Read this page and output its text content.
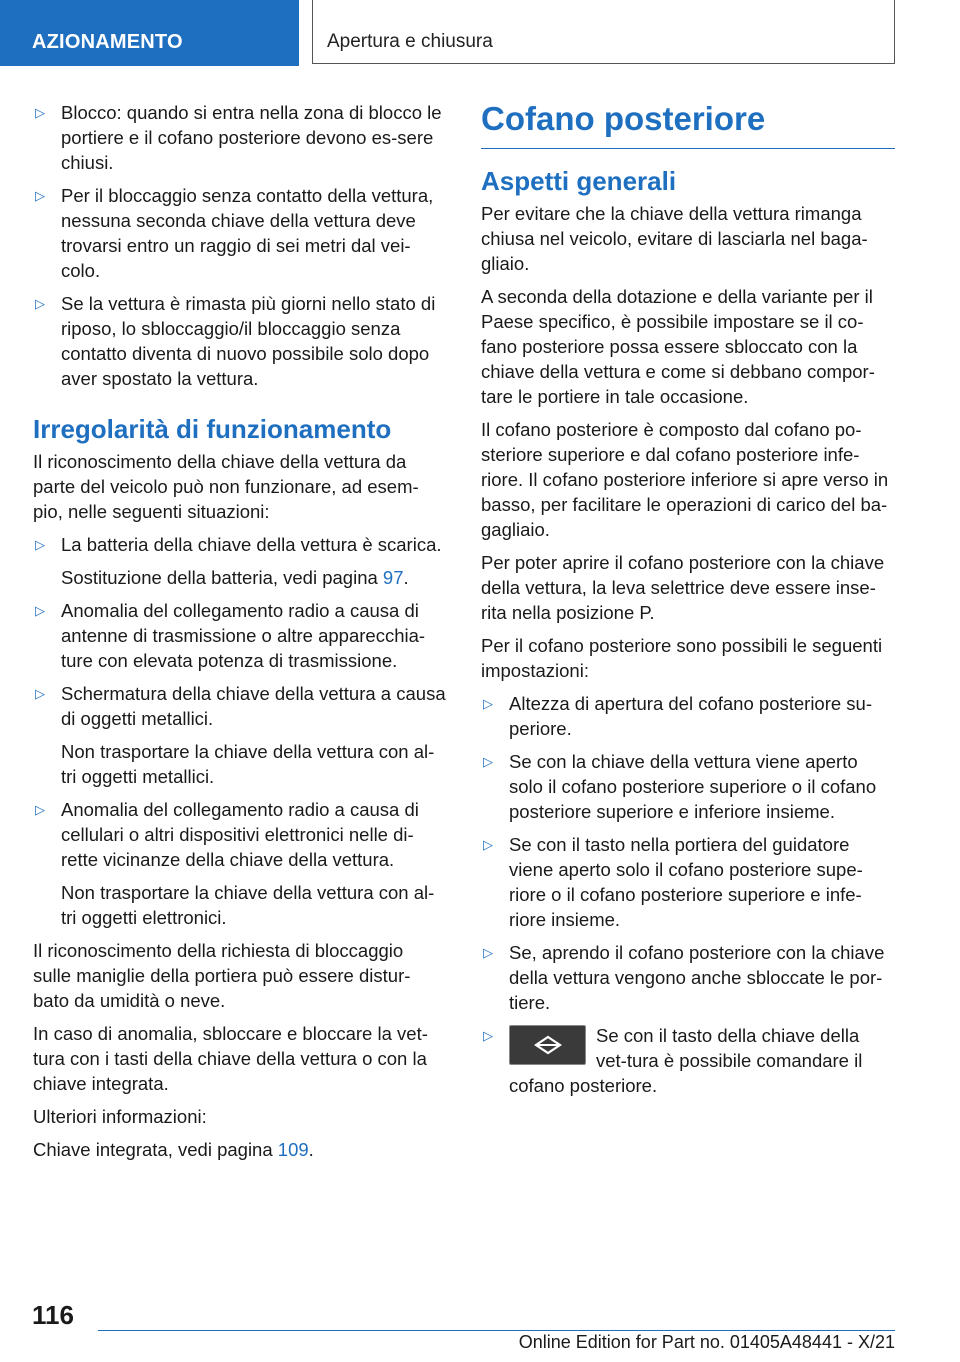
AZIONAMENTO	Apertura e chiusura
▷ Blocco: quando si entra nella zona di blocco le portiere e il cofano posteriore devono es-sere chiusi.
▷ Per il bloccaggio senza contatto della vettura, nessuna seconda chiave della vettura deve trovarsi entro un raggio di sei metri dal vei-colo.
▷ Se la vettura è rimasta più giorni nello stato di riposo, lo sbloccaggio/il bloccaggio senza contatto diventa di nuovo possibile solo dopo aver spostato la vettura.
Irregolarità di funzionamento

Il riconoscimento della chiave della vettura da parte del veicolo può non funzionare, ad esem-pio, nelle seguenti situazioni:

▷ La batteria della chiave della vettura è scarica.
Sostituzione della batteria, vedi pagina 97.
▷ Anomalia del collegamento radio a causa di antenne di trasmissione o altre apparecchia-ture con elevata potenza di trasmissione.
▷ Schermatura della chiave della vettura a causa di oggetti metallici.
Non trasportare la chiave della vettura con al-tri oggetti metallici.
▷ Anomalia del collegamento radio a causa di cellulari o altri dispositivi elettronici nelle di-rette vicinanze della chiave della vettura.
Non trasportare la chiave della vettura con al-tri oggetti elettronici.

Il riconoscimento della richiesta di bloccaggio sulle maniglie della portiera può essere distur-bato da umidità o neve.

In caso di anomalia, sbloccare e bloccare la vet-tura con i tasti della chiave della vettura o con la chiave integrata.

Ulteriori informazioni:

Chiave integrata, vedi pagina 109.

Cofano posteriore
Aspetti generali

Per evitare che la chiave della vettura rimanga chiusa nel veicolo, evitare di lasciarla nel baga-gliaio.

A seconda della dotazione e della variante per il Paese specifico, è possibile impostare se il co-fano posteriore possa essere sbloccato con la chiave della vettura e come si debbano compor-tare le portiere in tale occasione.

Il cofano posteriore è composto dal cofano po-steriore superiore e dal cofano posteriore infe-riore. Il cofano posteriore inferiore si apre verso in basso, per facilitare le operazioni di carico del ba-gagliaio.

Per poter aprire il cofano posteriore con la chiave della vettura, la leva selettrice deve essere inse-rita nella posizione P.

Per il cofano posteriore sono possibili le seguenti impostazioni:

▷ Altezza di apertura del cofano posteriore su-periore.
▷ Se con la chiave della vettura viene aperto solo il cofano posteriore superiore o il cofano posteriore superiore e inferiore insieme.
▷ Se con il tasto nella portiera del guidatore viene aperto solo il cofano posteriore supe-riore o il cofano posteriore superiore e infe-riore insieme.
▷ Se, aprendo il cofano posteriore con la chiave della vettura vengono anche sbloccate le por-tiere.
▷	Se con il tasto della chiave della vet-tura è possibile comandare il cofano posteriore.
116
Online Edition for Part no. 01405A48441 - X/21
